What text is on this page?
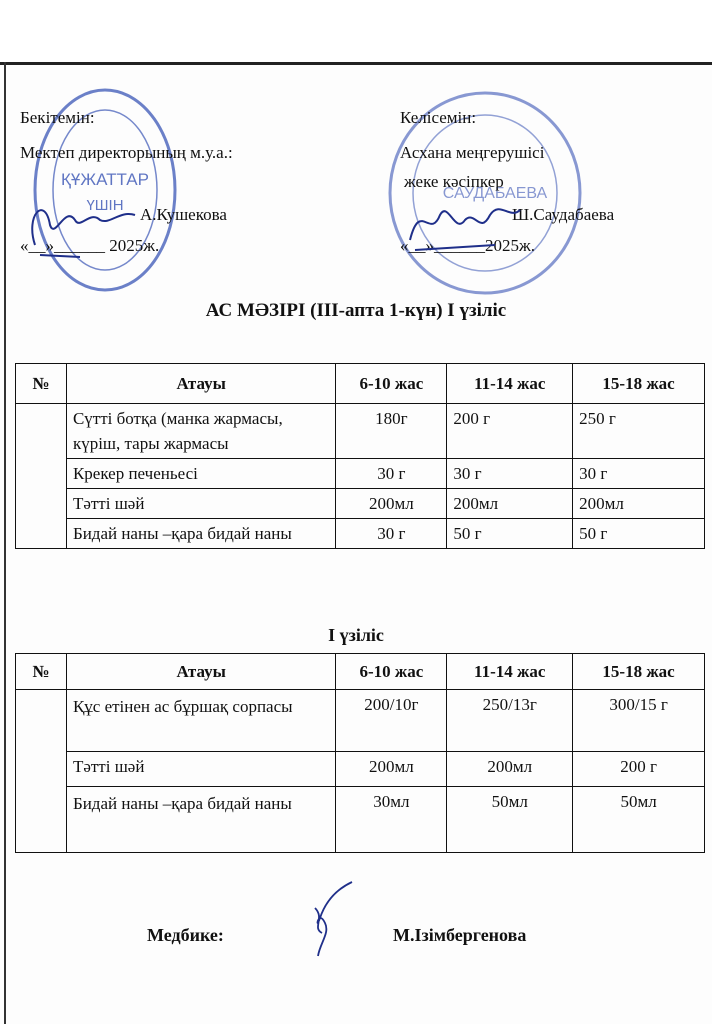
ҚҰЖАТТАР
ҮШІН
САУДАБАЕВА
Бекітемін:
Мектеп директорының м.у.а.:
А.Кушекова
«__»______ 2025ж.
Келісемін:
Асхана меңгерушісі
жеке кәсіпкер
Ш.Саудабаева
«__»______2025ж.
АС МӘЗІРІ (ІІІ-апта 1-күн) І үзіліс
№	Атауы	6-10 жас	11-14 жас	15-18 жас
	Сүтті ботқа (манка жармасы, күріш, тары жармасы	180г	200 г	250 г
	Крекер печеньесі	30 г	30 г	30 г
	Тәтті шәй	200мл	200мл	200мл
	Бидай наны –қара бидай наны	30 г	50 г	50 г
І үзіліс
№	Атауы	6-10 жас	11-14 жас	15-18 жас
	Құс етінен ас бұршақ сорпасы	200/10г	250/13г	300/15 г
	Тәтті шәй	200мл	200мл	200 г
	Бидай наны –қара бидай наны	30мл	50мл	50мл
Медбике:	М.Ізімбергенова
